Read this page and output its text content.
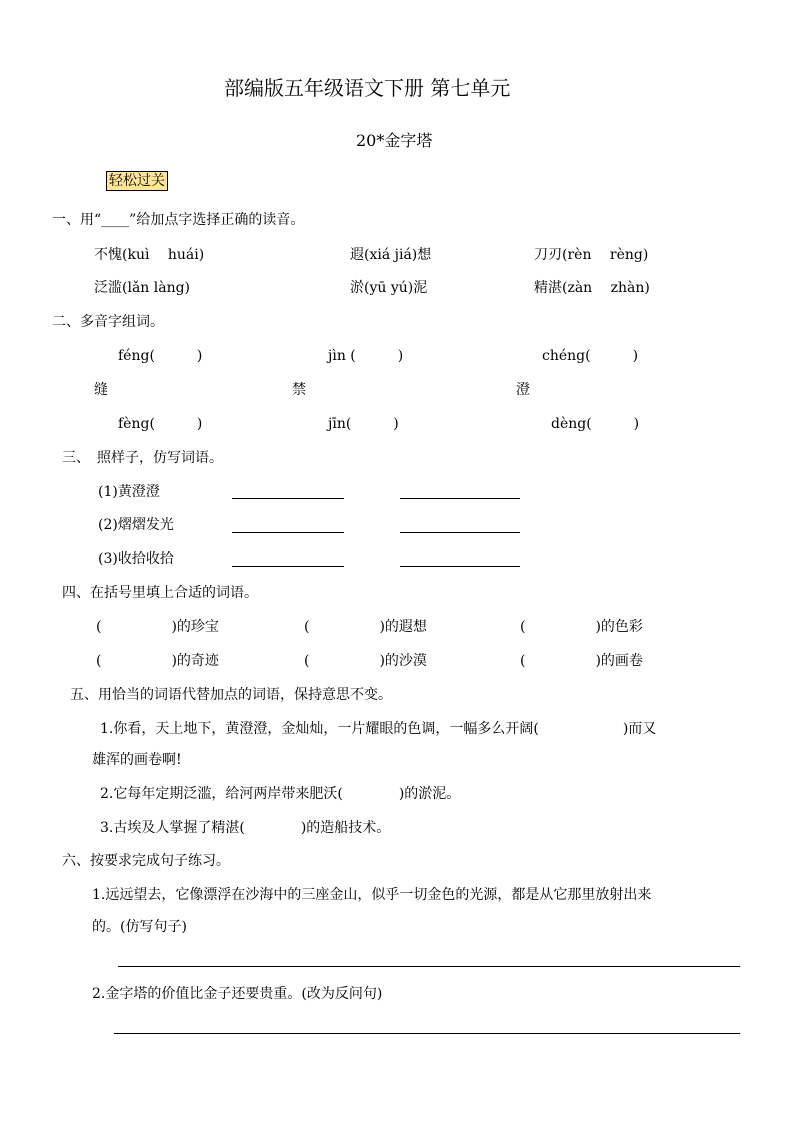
部编版五年级语文下册 第七单元
20*金字塔
轻松过关
一、用“____”给加点字选择正确的读音。
不愧(kuì　 huái)	遐(xiá jiá)想	刀刃(rèn　 rèng)
泛滥(lǎn làng)	淤(yū yú)泥	精湛(zàn　 zhàn)
二、多音字组词。
féng(　　　)	jìn (　　　)	chéng(　　　)
缝	禁	澄
fèng(　　　)	jīn(　　　)	dèng(　　　)
三、　照样子，仿写词语。
(1)黄澄澄
(2)熠熠发光
(3)收拾收拾
四、在括号里填上合适的词语。
(　　　　　)的珍宝	(　　　　　)的遐想	(　　　　　)的色彩
(　　　　　)的奇迹	(　　　　　)的沙漠	(　　　　　)的画卷
五、用恰当的词语代替加点的词语，保持意思不变。
1.你看，天上地下，黄澄澄，金灿灿，一片耀眼的色调，一幅多么开阔(　　　　　　)而又
雄浑的画卷啊!
2.它每年定期泛滥，给河两岸带来肥沃(　　　　)的淤泥。
3.古埃及人掌握了精湛(　　　　)的造船技术。
六、按要求完成句子练习。
1.远远望去，它像漂浮在沙海中的三座金山，似乎一切金色的光源，都是从它那里放射出来
的。(仿写句子)
2.金字塔的价值比金子还要贵重。(改为反问句)
